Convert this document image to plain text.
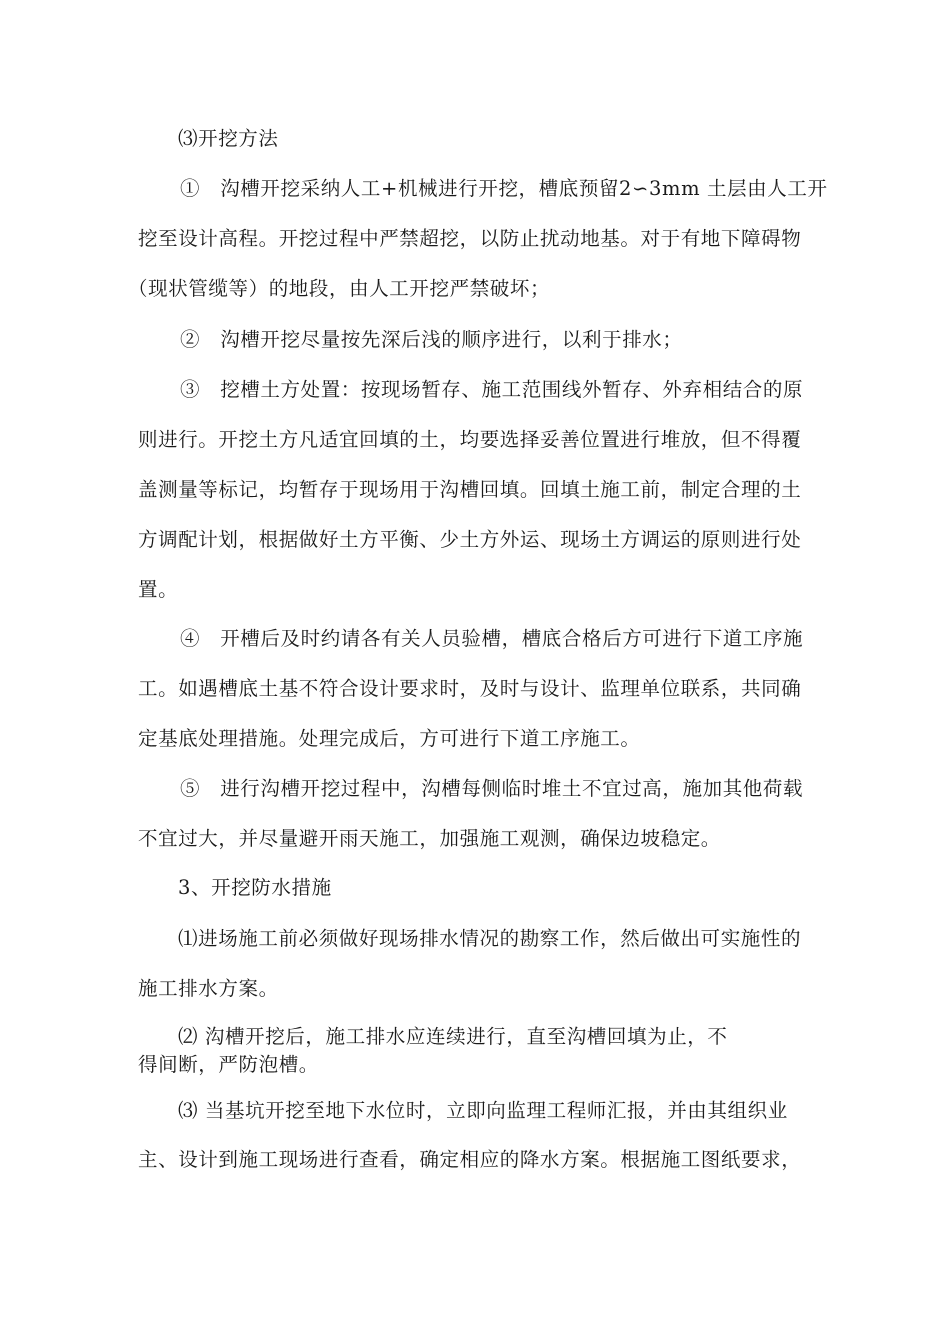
⑶开挖方法
①　沟槽开挖采纳人工+机械进行开挖，槽底预留2∽3mm 土层由人工开
挖至设计高程。开挖过程中严禁超挖，以防止扰动地基。对于有地下障碍物
（现状管缆等）的地段，由人工开挖严禁破坏；
②　沟槽开挖尽量按先深后浅的顺序进行，以利于排水；
③　挖槽土方处置：按现场暂存、施工范围线外暂存、外弃相结合的原
则进行。开挖土方凡适宜回填的土，均要选择妥善位置进行堆放，但不得覆
盖测量等标记，均暂存于现场用于沟槽回填。回填土施工前，制定合理的土
方调配计划，根据做好土方平衡、少土方外运、现场土方调运的原则进行处
置。
④　开槽后及时约请各有关人员验槽，槽底合格后方可进行下道工序施
工。如遇槽底土基不符合设计要求时，及时与设计、监理单位联系，共同确
定基底处理措施。处理完成后，方可进行下道工序施工。
⑤　进行沟槽开挖过程中，沟槽每侧临时堆土不宜过高，施加其他荷载
不宜过大，并尽量避开雨天施工，加强施工观测，确保边坡稳定。
3、开挖防水措施
⑴进场施工前必须做好现场排水情况的勘察工作，然后做出可实施性的
施工排水方案。
⑵ 沟槽开挖后，施工排水应连续进行，直至沟槽回填为止，不
得间断，严防泡槽。
⑶ 当基坑开挖至地下水位时，立即向监理工程师汇报，并由其组织业
主、设计到施工现场进行查看，确定相应的降水方案。根据施工图纸要求，
